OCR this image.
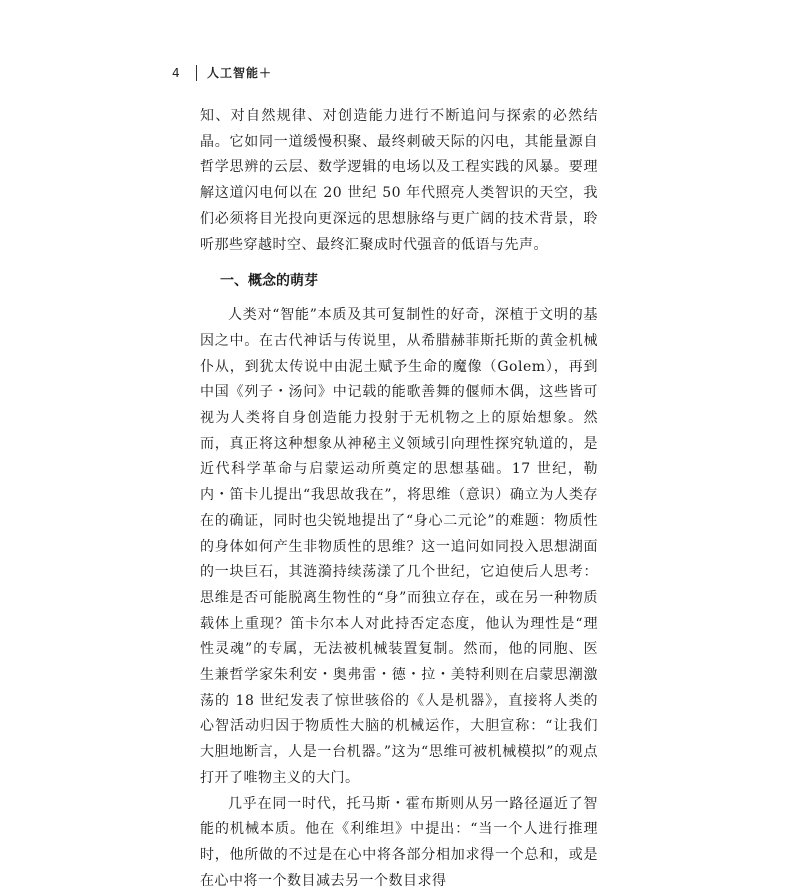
4	人工智能＋

知、对自然规律、对创造能力进行不断追问与探索的必然结晶。它如同一道缓慢积聚、最终刺破天际的闪电，其能量源自哲学思辨的云层、数学逻辑的电场以及工程实践的风暴。要理解这道闪电何以在 20 世纪 50 年代照亮人类智识的天空，我们必须将目光投向更深远的思想脉络与更广阔的技术背景，聆听那些穿越时空、最终汇聚成时代强音的低语与先声。

一、概念的萌芽

人类对“智能”本质及其可复制性的好奇，深植于文明的基因之中。在古代神话与传说里，从希腊赫菲斯托斯的黄金机械仆从，到犹太传说中由泥土赋予生命的魔像（Golem），再到中国《列子・汤问》中记载的能歌善舞的偃师木偶，这些皆可视为人类将自身创造能力投射于无机物之上的原始想象。然而，真正将这种想象从神秘主义领域引向理性探究轨道的，是近代科学革命与启蒙运动所奠定的思想基础。17 世纪，勒内・笛卡儿提出“我思故我在”，将思维（意识）确立为人类存在的确证，同时也尖锐地提出了“身心二元论”的难题：物质性的身体如何产生非物质性的思维？这一追问如同投入思想湖面的一块巨石，其涟漪持续荡漾了几个世纪，它迫使后人思考：思维是否可能脱离生物性的“身”而独立存在，或在另一种物质载体上重现？笛卡尔本人对此持否定态度，他认为理性是“理性灵魂”的专属，无法被机械装置复制。然而，他的同胞、医生兼哲学家朱利安・奥弗雷・德・拉・美特利则在启蒙思潮激荡的 18 世纪发表了惊世骇俗的《人是机器》，直接将人类的心智活动归因于物质性大脑的机械运作，大胆宣称：“让我们大胆地断言，人是一台机器。”这为“思维可被机械模拟”的观点打开了唯物主义的大门。

几乎在同一时代，托马斯・霍布斯则从另一路径逼近了智能的机械本质。他在《利维坦》中提出：“当一个人进行推理时，他所做的不过是在心中将各部分相加求得一个总和，或是在心中将一个数目减去另一个数目求得
